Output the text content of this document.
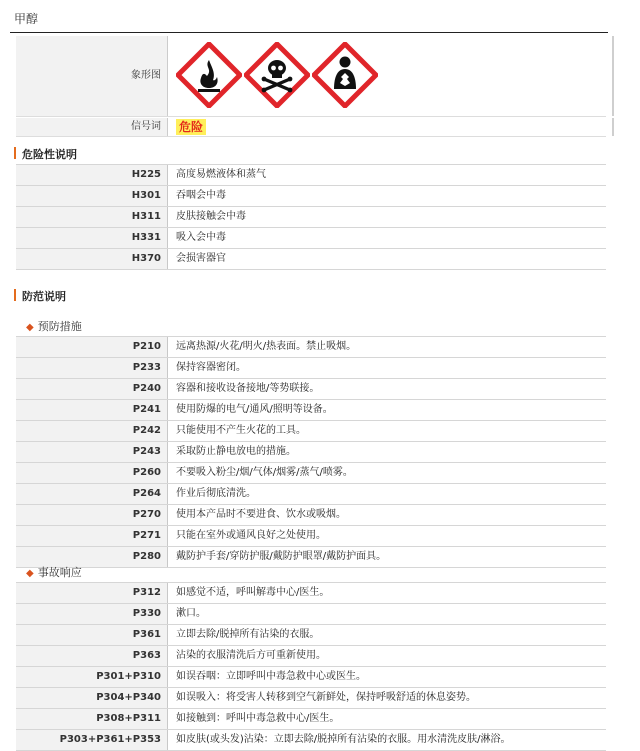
甲醇
象形图
信号词	危险
危险性说明
H225	高度易燃液体和蒸气
H301	吞咽会中毒
H311	皮肤接触会中毒
H331	吸入会中毒
H370	会损害器官
防范说明
◆ 预防措施
P210	远离热源/火花/明火/热表面。禁止吸烟。
P233	保持容器密闭。
P240	容器和接收设备接地/等势联接。
P241	使用防爆的电气/通风/照明等设备。
P242	只能使用不产生火花的工具。
P243	采取防止静电放电的措施。
P260	不要吸入粉尘/烟/气体/烟雾/蒸气/喷雾。
P264	作业后彻底清洗。
P270	使用本产品时不要进食、饮水或吸烟。
P271	只能在室外或通风良好之处使用。
P280	戴防护手套/穿防护服/戴防护眼罩/戴防护面具。
◆ 事故响应
P312	如感觉不适，呼叫解毒中心/医生。
P330	漱口。
P361	立即去除/脱掉所有沾染的衣服。
P363	沾染的衣服清洗后方可重新使用。
P301+P310	如误吞咽：立即呼叫中毒急救中心或医生。
P304+P340	如误吸入：将受害人转移到空气新鲜处，保持呼吸舒适的休息姿势。
P308+P311	如接触到：呼叫中毒急救中心/医生。
P303+P361+P353	如皮肤(或头发)沾染：立即去除/脱掉所有沾染的衣服。用水清洗皮肤/淋浴。
